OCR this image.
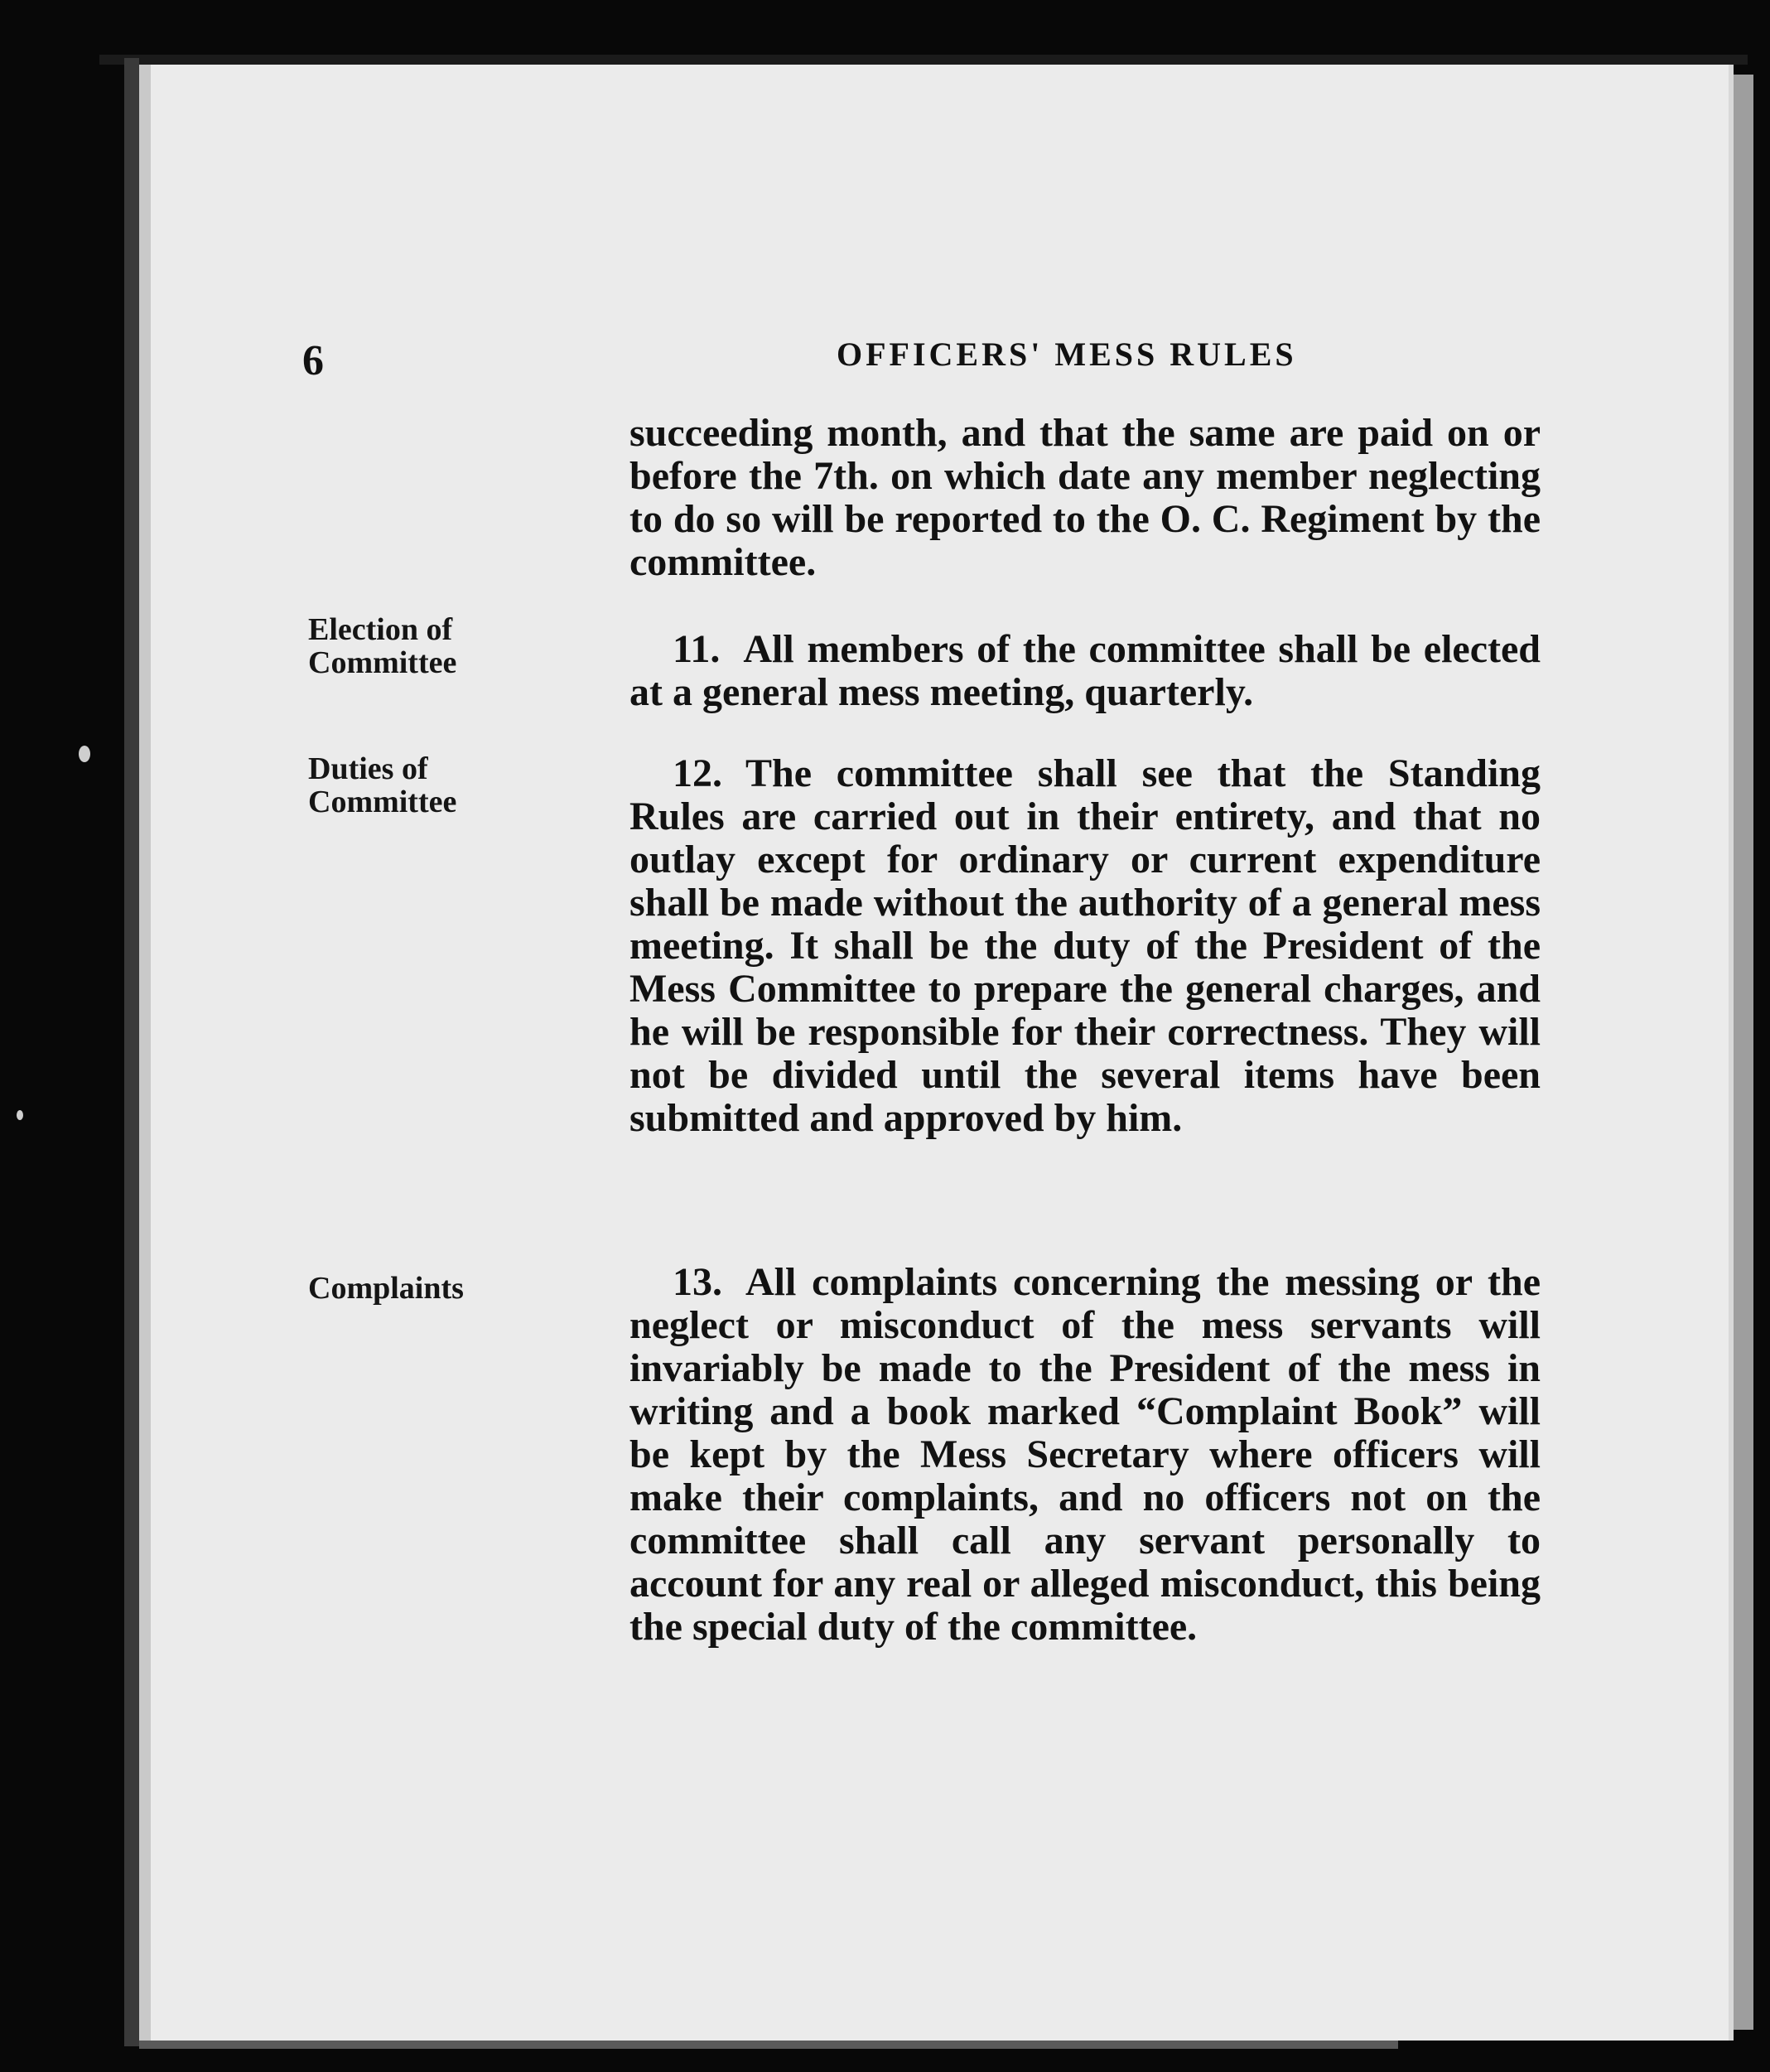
6	OFFICERS' MESS RULES
Election of
Committee
Duties of
Committee
Complaints
succeeding month, and that the same are paid on or before the 7th. on which date any member neglecting to do so will be reported to the O. C. Regiment by the committee.
11. All members of the committee shall be elected at a general mess meeting, quarterly.
12. The committee shall see that the Standing Rules are carried out in their entirety, and that no outlay except for ordinary or current expenditure shall be made without the authority of a general mess meeting. It shall be the duty of the President of the Mess Committee to prepare the general charges, and he will be responsible for their correctness. They will not be divided until the several items have been submitted and approved by him.
13. All complaints concerning the messing or the neglect or misconduct of the mess servants will invariably be made to the President of the mess in writing and a book marked “Complaint Book” will be kept by the Mess Secretary where officers will make their complaints, and no officers not on the committee shall call any servant personally to account for any real or alleged misconduct, this being the special duty of the committee.
